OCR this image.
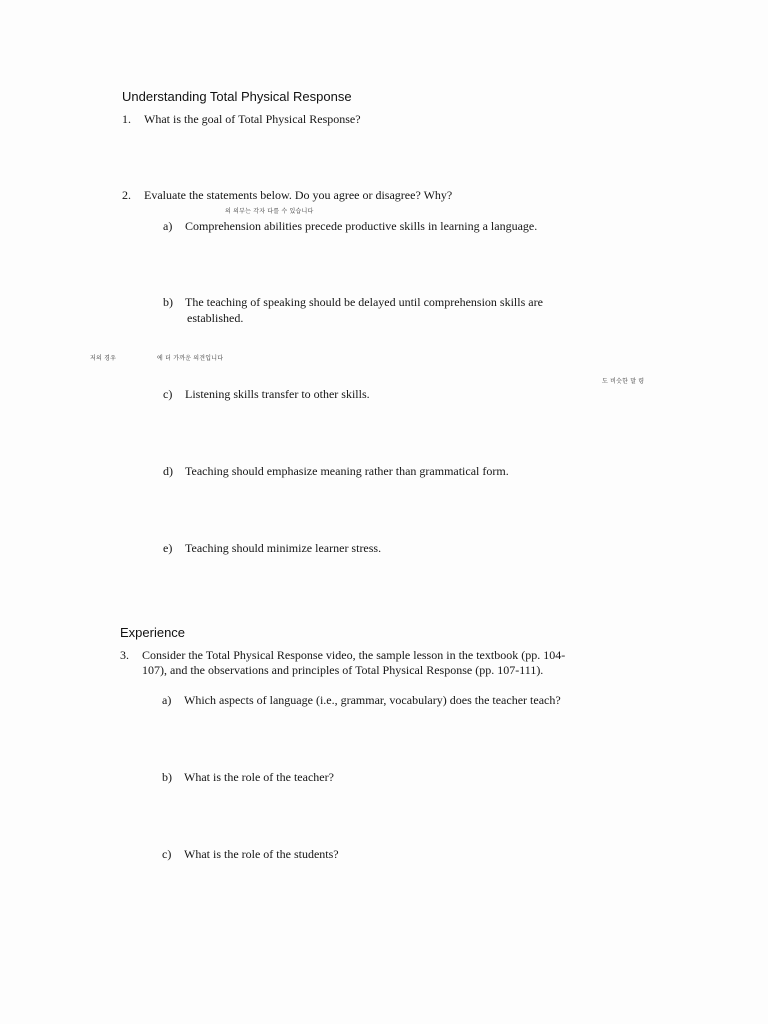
Understanding Total Physical Response
1. What is the goal of Total Physical Response?
2. Evaluate the statements below. Do you agree or disagree? Why?
의 의부는 각자 다를 수 있습니다
a) Comprehension abilities precede productive skills in learning a language.
b) The teaching of speaking should be delayed until comprehension skills are
established.
저의 경우	에 더 가까운 의견입니다
도 비슷한 말 령
c) Listening skills transfer to other skills.
d) Teaching should emphasize meaning rather than grammatical form.
e) Teaching should minimize learner stress.
Experience
3. Consider the Total Physical Response video, the sample lesson in the textbook (pp. 104-
107), and the observations and principles of Total Physical Response (pp. 107-111).
a) Which aspects of language (i.e., grammar, vocabulary) does the teacher teach?
b) What is the role of the teacher?
c) What is the role of the students?
